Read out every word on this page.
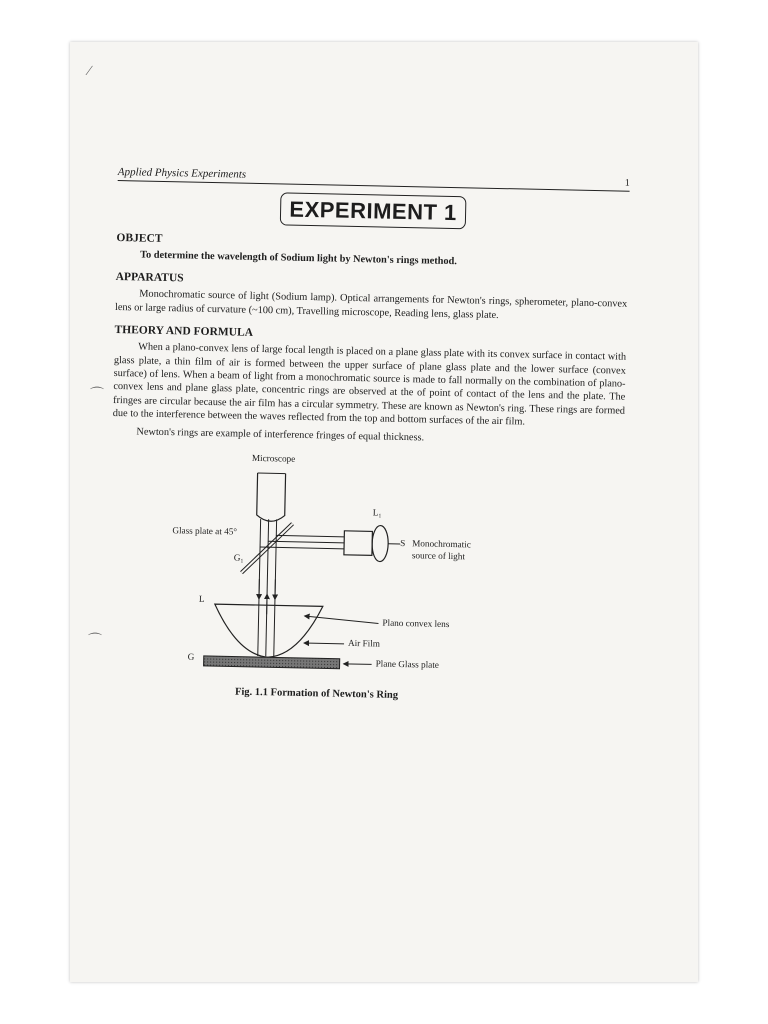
∕
⌒
⌒
Applied Physics Experiments
1
EXPERIMENT 1
OBJECT
To determine the wavelength of Sodium light by Newton's rings method.
APPARATUS
Monochromatic source of light (Sodium lamp). Optical arrangements for Newton's rings, spherometer, plano-convex lens or large radius of curvature (~100 cm), Travelling microscope, Reading lens, glass plate.
THEORY AND FORMULA
When a plano-convex lens of large focal length is placed on a plane glass plate with its convex surface in contact with glass plate, a thin film of air is formed between the upper surface of plane glass plate and the lower surface (convex surface) of lens. When a beam of light from a monochromatic source is made to fall normally on the combination of plano-convex lens and plane glass plate, concentric rings are observed at the of point of contact of the lens and the plate. The fringes are circular because the air film has a circular symmetry. These are known as Newton's ring. These rings are formed due to the interference between the waves reflected from the top and bottom surfaces of the air film.
Newton's rings are example of interference fringes of equal thickness.
Microscope
L₁
Glass plate at 45°
G₁
S Monochromatic
source of light
L
G
Plano convex lens
Air Film
Plane Glass plate
Fig. 1.1 Formation of Newton's Ring
